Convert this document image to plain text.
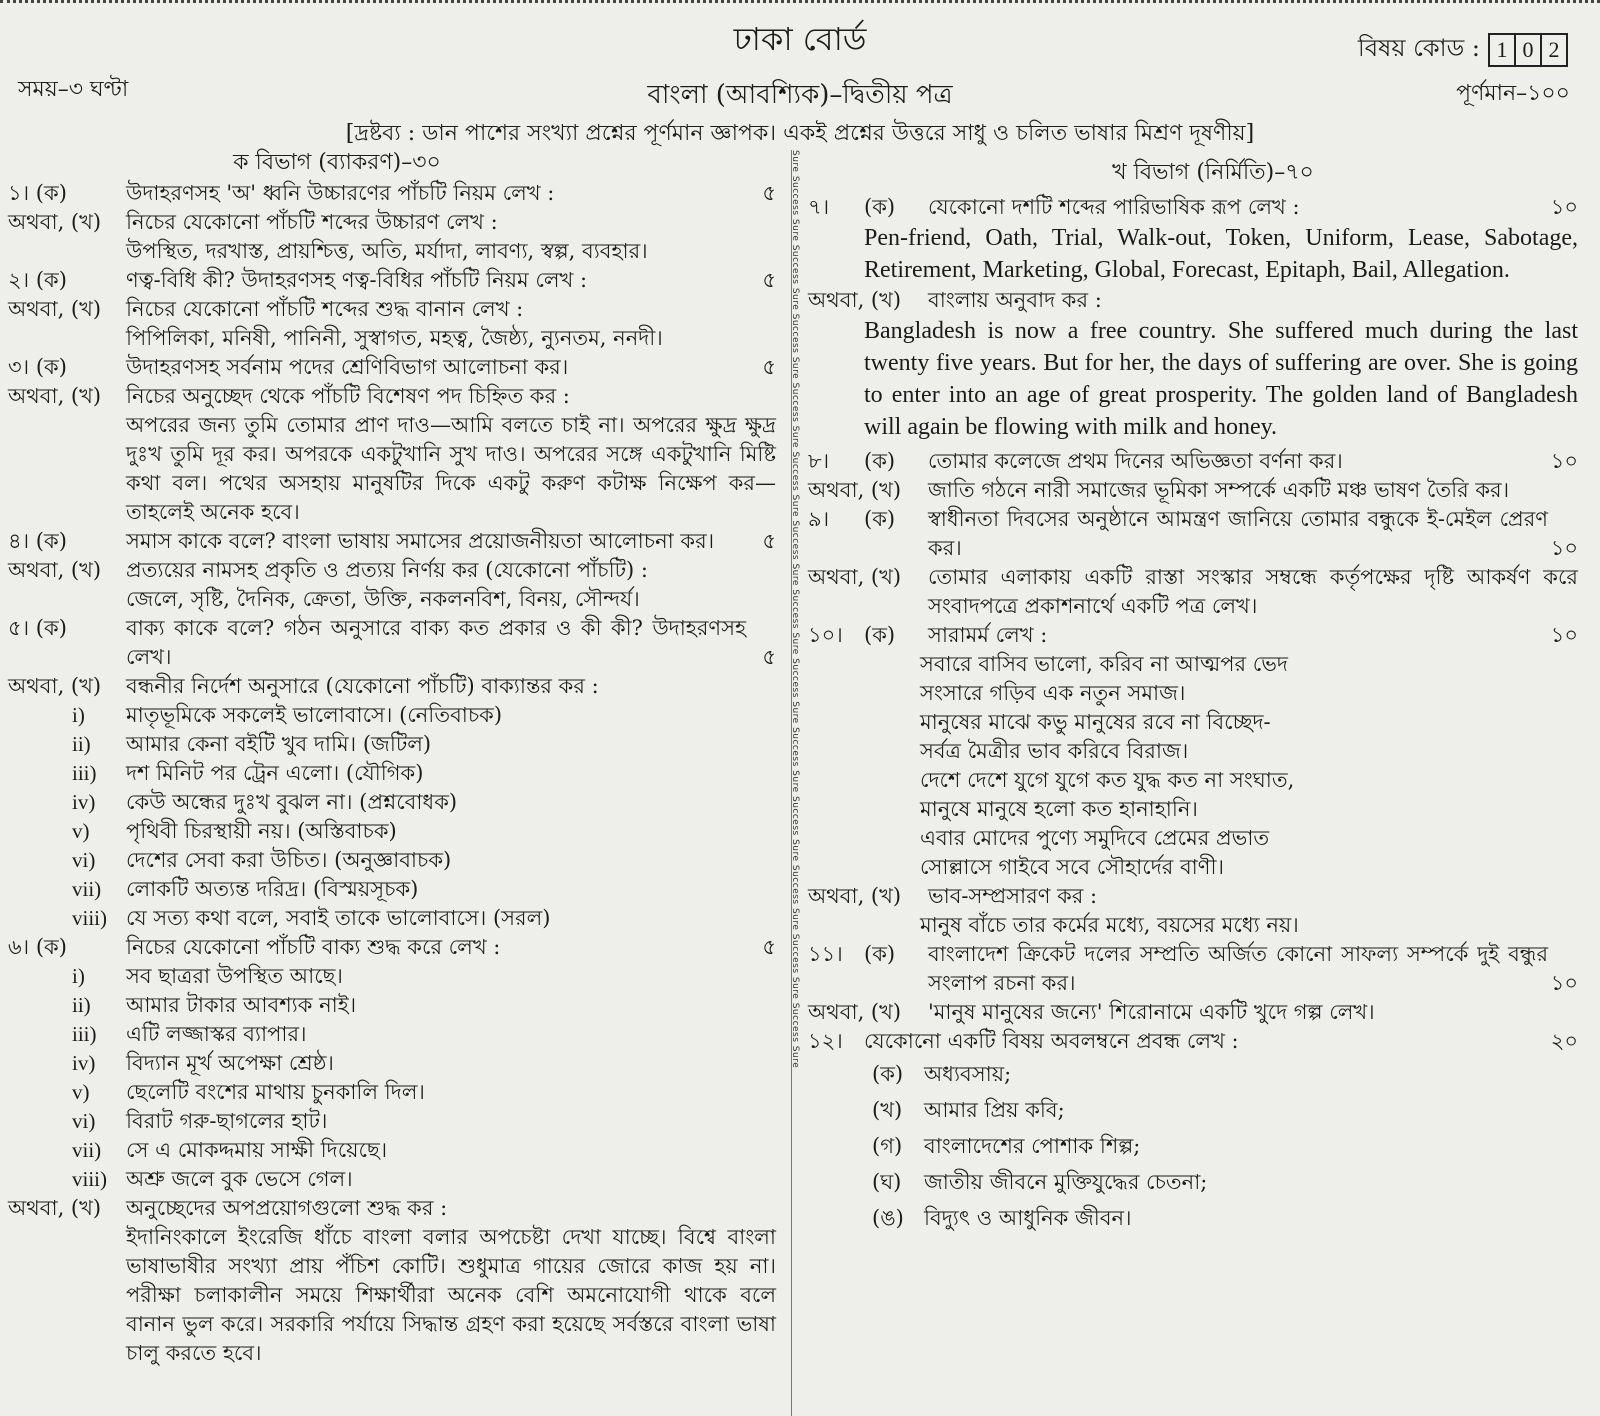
ঢাকা বোর্ড	বিষয় কোড : 1 0 2
সময়–৩ ঘণ্টা	বাংলা (আবশ্যিক)–দ্বিতীয় পত্র	পূর্ণমান–১০০
[দ্রষ্টব্য : ডান পাশের সংখ্যা প্রশ্নের পূর্ণমান জ্ঞাপক। একই প্রশ্নের উত্তরে সাধু ও চলিত ভাষার মিশ্রণ দূষণীয়]
Sure Success Sure Success Sure Success Sure Success Sure Success Sure Success Sure Success Sure Success Sure Success Sure Success Sure Success Sure Success Sure Success Sure
ক বিভাগ (ব্যাকরণ)–৩০
১। (ক)	উদাহরণসহ 'অ' ধ্বনি উচ্চারণের পাঁচটি নিয়ম লেখ :	৫
অথবা, (খ)	নিচের যেকোনো পাঁচটি শব্দের উচ্চারণ লেখ :
উপস্থিত, দরখাস্ত, প্রায়শ্চিত্ত, অতি, মর্যাদা, লাবণ্য, স্বল্প, ব্যবহার।
২। (ক)	ণত্ব-বিধি কী? উদাহরণসহ ণত্ব-বিধির পাঁচটি নিয়ম লেখ :	৫
অথবা, (খ)	নিচের যেকোনো পাঁচটি শব্দের শুদ্ধ বানান লেখ :
পিপিলিকা, মনিষী, পানিনী, সুস্বাগত, মহত্ব, জৈষ্ঠ্য, ন্যুনতম, ননদী।
৩। (ক)	উদাহরণসহ সর্বনাম পদের শ্রেণিবিভাগ আলোচনা কর।	৫
অথবা, (খ)	নিচের অনুচ্ছেদ থেকে পাঁচটি বিশেষণ পদ চিহ্নিত কর :
অপরের জন্য তুমি তোমার প্রাণ দাও—আমি বলতে চাই না। অপরের ক্ষুদ্র ক্ষুদ্র দুঃখ তুমি দূর কর। অপরকে একটুখানি সুখ দাও। অপরের সঙ্গে একটুখানি মিষ্টি কথা বল। পথের অসহায় মানুষটির দিকে একটু করুণ কটাক্ষ নিক্ষেপ কর—তাহলেই অনেক হবে।
৪। (ক)	সমাস কাকে বলে? বাংলা ভাষায় সমাসের প্রয়োজনীয়তা আলোচনা কর।	৫
অথবা, (খ)	প্রত্যয়ের নামসহ প্রকৃতি ও প্রত্যয় নির্ণয় কর (যেকোনো পাঁচটি) :
জেলে, সৃষ্টি, দৈনিক, ক্রেতা, উক্তি, নকলনবিশ, বিনয়, সৌন্দর্য।
৫। (ক)	বাক্য কাকে বলে? গঠন অনুসারে বাক্য কত প্রকার ও কী কী? উদাহরণসহ লেখ।	৫
অথবা, (খ)	বন্ধনীর নির্দেশ অনুসারে (যেকোনো পাঁচটি) বাক্যান্তর কর :
i)	মাতৃভূমিকে সকলেই ভালোবাসে। (নেতিবাচক)
ii)	আমার কেনা বইটি খুব দামি। (জটিল)
iii)	দশ মিনিট পর ট্রেন এলো। (যৌগিক)
iv)	কেউ অন্ধের দুঃখ বুঝল না। (প্রশ্নবোধক)
v)	পৃথিবী চিরস্থায়ী নয়। (অস্তিবাচক)
vi)	দেশের সেবা করা উচিত। (অনুজ্ঞাবাচক)
vii)	লোকটি অত্যন্ত দরিদ্র। (বিস্ময়সূচক)
viii) যে সত্য কথা বলে, সবাই তাকে ভালোবাসে। (সরল)
৬। (ক)	নিচের যেকোনো পাঁচটি বাক্য শুদ্ধ করে লেখ :	৫
i)	সব ছাত্ররা উপস্থিত আছে।
ii)	আমার টাকার আবশ্যক নাই।
iii)	এটি লজ্জাস্কর ব্যাপার।
iv)	বিদ্যান মূর্খ অপেক্ষা শ্রেষ্ঠ।
v)	ছেলেটি বংশের মাথায় চুনকালি দিল।
vi)	বিরাট গরু-ছাগলের হাট।
vii)	সে এ মোকদ্দমায় সাক্ষী দিয়েছে।
viii) অশ্রু জলে বুক ভেসে গেল।
অথবা, (খ)	অনুচ্ছেদের অপপ্রয়োগগুলো শুদ্ধ কর :
ইদানিংকালে ইংরেজি ধাঁচে বাংলা বলার অপচেষ্টা দেখা যাচ্ছে। বিশ্বে বাংলা ভাষাভাষীর সংখ্যা প্রায় পঁচিশ কোটি। শুধুমাত্র গায়ের জোরে কাজ হয় না। পরীক্ষা চলাকালীন সময়ে শিক্ষার্থীরা অনেক বেশি অমনোযোগী থাকে বলে বানান ভুল করে। সরকারি পর্যায়ে সিদ্ধান্ত গ্রহণ করা হয়েছে সর্বস্তরে বাংলা ভাষা চালু করতে হবে।
খ বিভাগ (নির্মিতি)–৭০
৭।	(ক)	যেকোনো দশটি শব্দের পারিভাষিক রূপ লেখ :	১০
Pen-friend, Oath, Trial, Walk-out, Token, Uniform, Lease, Sabotage, Retirement, Marketing, Global, Forecast, Epitaph, Bail, Allegation.
অথবা, (খ)	বাংলায় অনুবাদ কর :
Bangladesh is now a free country. She suffered much during the last twenty five years. But for her, the days of suffering are over. She is going to enter into an age of great prosperity. The golden land of Bangladesh will again be flowing with milk and honey.
৮।	(ক)	তোমার কলেজে প্রথম দিনের অভিজ্ঞতা বর্ণনা কর।	১০
অথবা, (খ)	জাতি গঠনে নারী সমাজের ভূমিকা সম্পর্কে একটি মঞ্চ ভাষণ তৈরি কর।
৯।	(ক)	স্বাধীনতা দিবসের অনুষ্ঠানে আমন্ত্রণ জানিয়ে তোমার বন্ধুকে ই-মেইল প্রেরণ কর।	১০
অথবা, (খ)	তোমার এলাকায় একটি রাস্তা সংস্কার সম্বন্ধে কর্তৃপক্ষের দৃষ্টি আকর্ষণ করে সংবাদপত্রে প্রকাশনার্থে একটি পত্র লেখ।
১০।	(ক)	সারামর্ম লেখ :	১০
সবারে বাসিব ভালো, করিব না আত্মপর ভেদ
সংসারে গড়িব এক নতুন সমাজ।
মানুষের মাঝে কভু মানুষের রবে না বিচ্ছেদ-
সর্বত্র মৈত্রীর ভাব করিবে বিরাজ।
দেশে দেশে যুগে যুগে কত যুদ্ধ কত না সংঘাত,
মানুষে মানুষে হলো কত হানাহানি।
এবার মোদের পুণ্যে সমুদিবে প্রেমের প্রভাত
সোল্লাসে গাইবে সবে সৌহার্দের বাণী।
অথবা, (খ)	ভাব-সম্প্রসারণ কর :
মানুষ বাঁচে তার কর্মের মধ্যে, বয়সের মধ্যে নয়।
১১।	(ক)	বাংলাদেশ ক্রিকেট দলের সম্প্রতি অর্জিত কোনো সাফল্য সম্পর্কে দুই বন্ধুর সংলাপ রচনা কর।	১০
অথবা, (খ)	'মানুষ মানুষের জন্যে' শিরোনামে একটি খুদে গল্প লেখ।
১২।	যেকোনো একটি বিষয় অবলম্বনে প্রবন্ধ লেখ :	২০
(ক) অধ্যবসায়;
(খ)	আমার প্রিয় কবি;
(গ)	বাংলাদেশের পোশাক শিল্প;
(ঘ)	জাতীয় জীবনে মুক্তিযুদ্ধের চেতনা;
(ঙ) বিদ্যুৎ ও আধুনিক জীবন।
